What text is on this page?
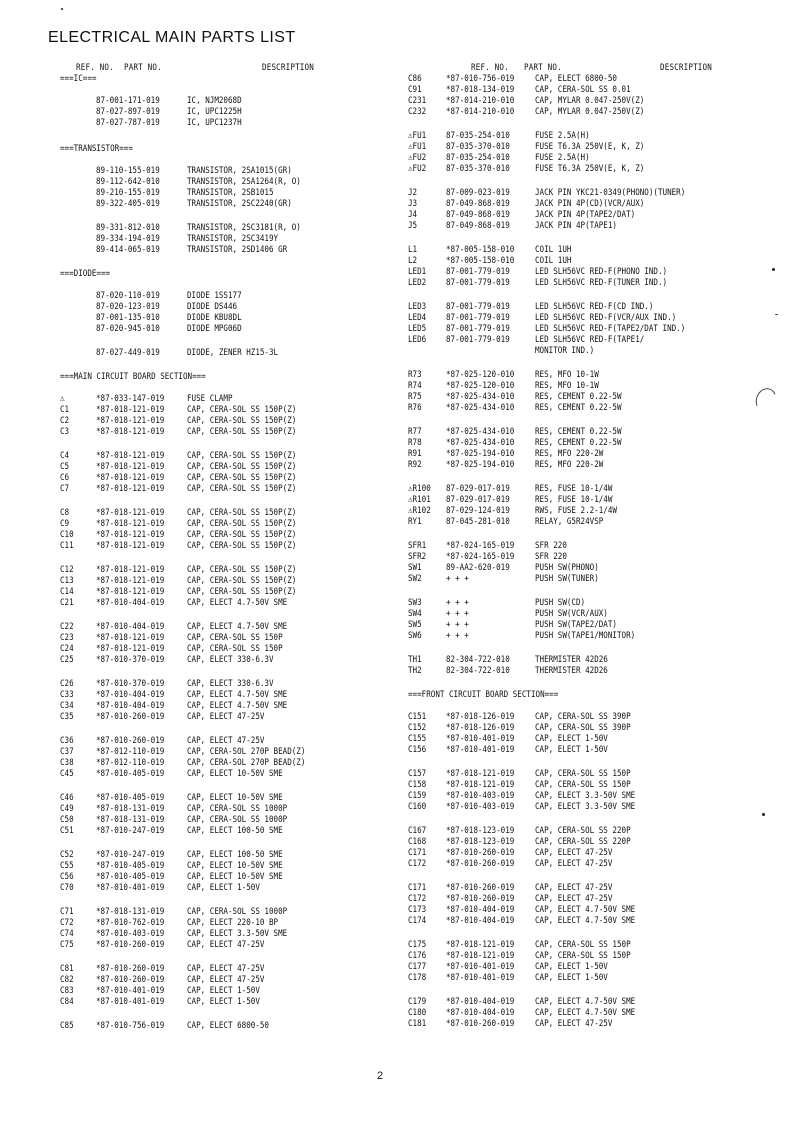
ELECTRICAL MAIN PARTS LIST
REF. NO. PART NO.	DESCRIPTION
===IC===
87-001-171-019	IC, NJM2068D
87-027-897-019	IC, UPC1225H
87-027-787-019	IC, UPC1237H
===TRANSISTOR===
89-110-155-019	TRANSISTOR, 2SA1015(GR)
89-112-642-010	TRANSISTOR, 2SA1264(R, O)
89-210-155-019	TRANSISTOR, 2SB1015
89-322-405-019	TRANSISTOR, 2SC2240(GR)
89-331-812-010	TRANSISTOR, 2SC3181(R, O)
89-334-194-019	TRANSISTOR, 2SC3419Y
89-414-065-019	TRANSISTOR, 2SD1406 GR
===DIODE===
87-020-110-019	DIODE 1SS177
87-020-123-019	DIODE DS446
87-001-135-010	DIODE KBU8DL
87-020-945-010	DIODE MPG06D
87-027-449-019	DIODE, ZENER HZ15-3L
===MAIN CIRCUIT BOARD SECTION===
⚠	*87-033-147-019	FUSE CLAMP
C1	*87-018-121-019	CAP, CERA-SOL SS 150P(Z)
C2	*87-018-121-019	CAP, CERA-SOL SS 150P(Z)
C3	*87-018-121-019	CAP, CERA-SOL SS 150P(Z)
C4	*87-018-121-019	CAP, CERA-SOL SS 150P(Z)
C5	*87-018-121-019	CAP, CERA-SOL SS 150P(Z)
C6	*87-018-121-019	CAP, CERA-SOL SS 150P(Z)
C7	*87-018-121-019	CAP, CERA-SOL SS 150P(Z)
C8	*87-018-121-019	CAP, CERA-SOL SS 150P(Z)
C9	*87-018-121-019	CAP, CERA-SOL SS 150P(Z)
C10	*87-018-121-019	CAP, CERA-SOL SS 150P(Z)
C11	*87-018-121-019	CAP, CERA-SOL SS 150P(Z)
C12	*87-018-121-019	CAP, CERA-SOL SS 150P(Z)
C13	*87-018-121-019	CAP, CERA-SOL SS 150P(Z)
C14	*87-018-121-019	CAP, CERA-SOL SS 150P(Z)
C21	*87-010-404-019	CAP, ELECT 4.7-50V SME
C22	*87-010-404-019	CAP, ELECT 4.7-50V SME
C23	*87-018-121-019	CAP, CERA-SOL SS 150P
C24	*87-018-121-019	CAP, CERA-SOL SS 150P
C25	*87-010-370-019	CAP, ELECT 330-6.3V
C26	*87-010-370-019	CAP, ELECT 330-6.3V
C33	*87-010-404-019	CAP, ELECT 4.7-50V SME
C34	*87-010-404-019	CAP, ELECT 4.7-50V SME
C35	*87-010-260-019	CAP, ELECT 47-25V
C36	*87-010-260-019	CAP, ELECT 47-25V
C37	*87-012-110-019	CAP, CERA-SOL 270P BEAD(Z)
C38	*87-012-110-019	CAP, CERA-SOL 270P BEAD(Z)
C45	*87-010-405-019	CAP, ELECT 10-50V SME
C46	*87-010-405-019	CAP, ELECT 10-50V SME
C49	*87-018-131-019	CAP, CERA-SOL SS 1000P
C50	*87-018-131-019	CAP, CERA-SOL SS 1000P
C51	*87-010-247-019	CAP, ELECT 100-50 SME
C52	*87-010-247-019	CAP, ELECT 100-50 SME
C55	*87-010-405-019	CAP, ELECT 10-50V SME
C56	*87-010-405-019	CAP, ELECT 10-50V SME
C70	*87-010-401-019	CAP, ELECT 1-50V
C71	*87-018-131-019	CAP, CERA-SOL SS 1000P
C72	*87-010-762-019	CAP, ELECT 220-10 BP
C74	*87-010-403-019	CAP, ELECT 3.3-50V SME
C75	*87-010-260-019	CAP, ELECT 47-25V
C81	*87-010-260-019	CAP, ELECT 47-25V
C82	*87-010-260-019	CAP, ELECT 47-25V
C83	*87-010-401-019	CAP, ELECT 1-50V
C84	*87-010-401-019	CAP, ELECT 1-50V
C85	*87-010-756-019	CAP, ELECT 6800-50
REF. NO. PART NO.	DESCRIPTION
C86	*87-010-756-019 CAP, ELECT 6800-50
C91	*87-018-134-019 CAP, CERA-SOL SS 0.01
C231 *87-014-210-010 CAP, MYLAR 0.047-250V(Z)
C232 *87-014-210-010 CAP, MYLAR 0.047-250V(Z)
⚠FU1 87-035-254-010	FUSE 2.5A(H)
⚠FU1 87-035-370-010	FUSE T6.3A 250V(E, K, Z)
⚠FU2 87-035-254-010	FUSE 2.5A(H)
⚠FU2 87-035-370-010	FUSE T6.3A 250V(E, K, Z)
J2	87-009-023-019	JACK PIN YKC21-0349(PHONO)(TUNER)
J3	87-049-868-019	JACK PIN 4P(CD)(VCR/AUX)
J4	87-049-868-019	JACK PIN 4P(TAPE2/DAT)
J5	87-049-868-019	JACK PIN 4P(TAPE1)
L1	*87-005-158-010 COIL 1UH
L2	*87-005-158-010 COIL 1UH
LED1 87-001-779-019	LED SLH56VC RED-F(PHONO IND.)
LED2 87-001-779-019	LED SLH56VC RED-F(TUNER IND.)
LED3 87-001-779-019	LED SLH56VC RED-F(CD IND.)
LED4 87-001-779-019	LED SLH56VC RED-F(VCR/AUX IND.)
LED5 87-001-779-019	LED SLH56VC RED-F(TAPE2/DAT IND.)
LED6 87-001-779-019	LED SLH56VC RED-F(TAPE1/
MONITOR IND.)
R73	*87-025-120-010 RES, MFO 10-1W
R74	*87-025-120-010 RES, MFO 10-1W
R75	*87-025-434-010 RES, CEMENT 0.22-5W
R76	*87-025-434-010 RES, CEMENT 0.22-5W
R77	*87-025-434-010 RES, CEMENT 0.22-5W
R78	*87-025-434-010 RES, CEMENT 0.22-5W
R91	*87-025-194-010 RES, MFO 220-2W
R92	*87-025-194-010 RES, MFO 220-2W
⚠R100 87-029-017-019	RES, FUSE 10-1/4W
⚠R101 87-029-017-019	RES, FUSE 10-1/4W
⚠R102 87-029-124-019	RWS, FUSE 2.2-1/4W
RY1	87-045-281-010	RELAY, G5R24VSP
SFR1 *87-024-165-019 SFR 220
SFR2 *87-024-165-019 SFR 220
SW1	89-AA2-620-019	PUSH SW(PHONO)
SW2	+ + +	PUSH SW(TUNER)
SW3	+ + +	PUSH SW(CD)
SW4	+ + +	PUSH SW(VCR/AUX)
SW5	+ + +	PUSH SW(TAPE2/DAT)
SW6	+ + +	PUSH SW(TAPE1/MONITOR)
TH1	82-304-722-010	THERMISTER 42D26
TH2	82-304-722-010	THERMISTER 42D26
===FRONT CIRCUIT BOARD SECTION===
C151 *87-018-126-019 CAP, CERA-SOL SS 390P
C152 *87-018-126-019 CAP, CERA-SOL SS 390P
C155 *87-010-401-019 CAP, ELECT 1-50V
C156 *87-010-401-019 CAP, ELECT 1-50V
C157 *87-018-121-019 CAP, CERA-SOL SS 150P
C158 *87-018-121-019 CAP, CERA-SOL SS 150P
C159 *87-010-403-019 CAP, ELECT 3.3-50V SME
C160 *87-010-403-019 CAP, ELECT 3.3-50V SME
C167 *87-018-123-019 CAP, CERA-SOL SS 220P
C168 *87-018-123-019 CAP, CERA-SOL SS 220P
C171 *87-010-260-019 CAP, ELECT 47-25V
C172 *87-010-260-019 CAP, ELECT 47-25V
C171 *87-010-260-019 CAP, ELECT 47-25V
C172 *87-010-260-019 CAP, ELECT 47-25V
C173 *87-010-404-019 CAP, ELECT 4.7-50V SME
C174 *87-010-404-019 CAP, ELECT 4.7-50V SME
C175 *87-018-121-019 CAP, CERA-SOL SS 150P
C176 *87-018-121-019 CAP, CERA-SOL SS 150P
C177 *87-010-401-019 CAP, ELECT 1-50V
C178 *87-010-401-019 CAP, ELECT 1-50V
C179 *87-010-404-019 CAP, ELECT 4.7-50V SME
C180 *87-010-404-019 CAP, ELECT 4.7-50V SME
C181 *87-010-260-019 CAP, ELECT 47-25V
2
